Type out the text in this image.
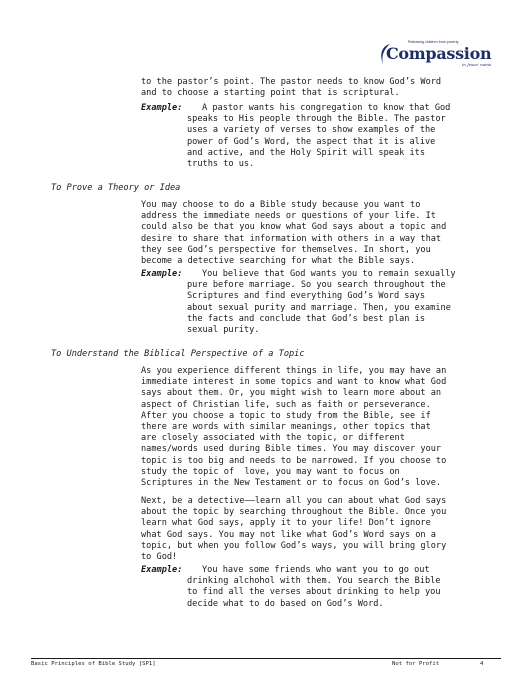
Releasing children from poverty
Compassion
in Jesus' name

to the pastor’s point. The pastor needs to know God’s Word
and to choose a starting point that is scriptural.

Example: A pastor wants his congregation to know that God
speaks to His people through the Bible. The pastor
uses a variety of verses to show examples of the
power of God’s Word, the aspect that it is alive
and active, and the Holy Spirit will speak its
truths to us.

To Prove a Theory or Idea

You may choose to do a Bible study because you want to
address the immediate needs or questions of your life. It
could also be that you know what God says about a topic and
desire to share that information with others in a way that
they see God’s perspective for themselves. In short, you
become a detective searching for what the Bible says.

Example: You believe that God wants you to remain sexually
pure before marriage. So you search throughout the
Scriptures and find everything God’s Word says
about sexual purity and marriage. Then, you examine
the facts and conclude that God’s best plan is
sexual purity.

To Understand the Biblical Perspective of a Topic

As you experience different things in life, you may have an
immediate interest in some topics and want to know what God
says about them. Or, you might wish to learn more about an
aspect of Christian life, such as faith or perseverance.
After you choose a topic to study from the Bible, see if
there are words with similar meanings, other topics that
are closely associated with the topic, or different
names/words used during Bible times. You may discover your
topic is too big and needs to be narrowed. If you choose to
study the topic of  love, you may want to focus on
Scriptures in the New Testament or to focus on God’s love.

Next, be a detective——learn all you can about what God says
about the topic by searching throughout the Bible. Once you
learn what God says, apply it to your life! Don’t ignore
what God says. You may not like what God’s Word says on a
topic, but when you follow God’s ways, you will bring glory
to God!

Example: You have some friends who want you to go out
drinking alchohol with them. You search the Bible
to find all the verses about drinking to help you
decide what to do based on God’s Word.
Basic Principles of Bible Study [SP1]	Not for Profit	4
